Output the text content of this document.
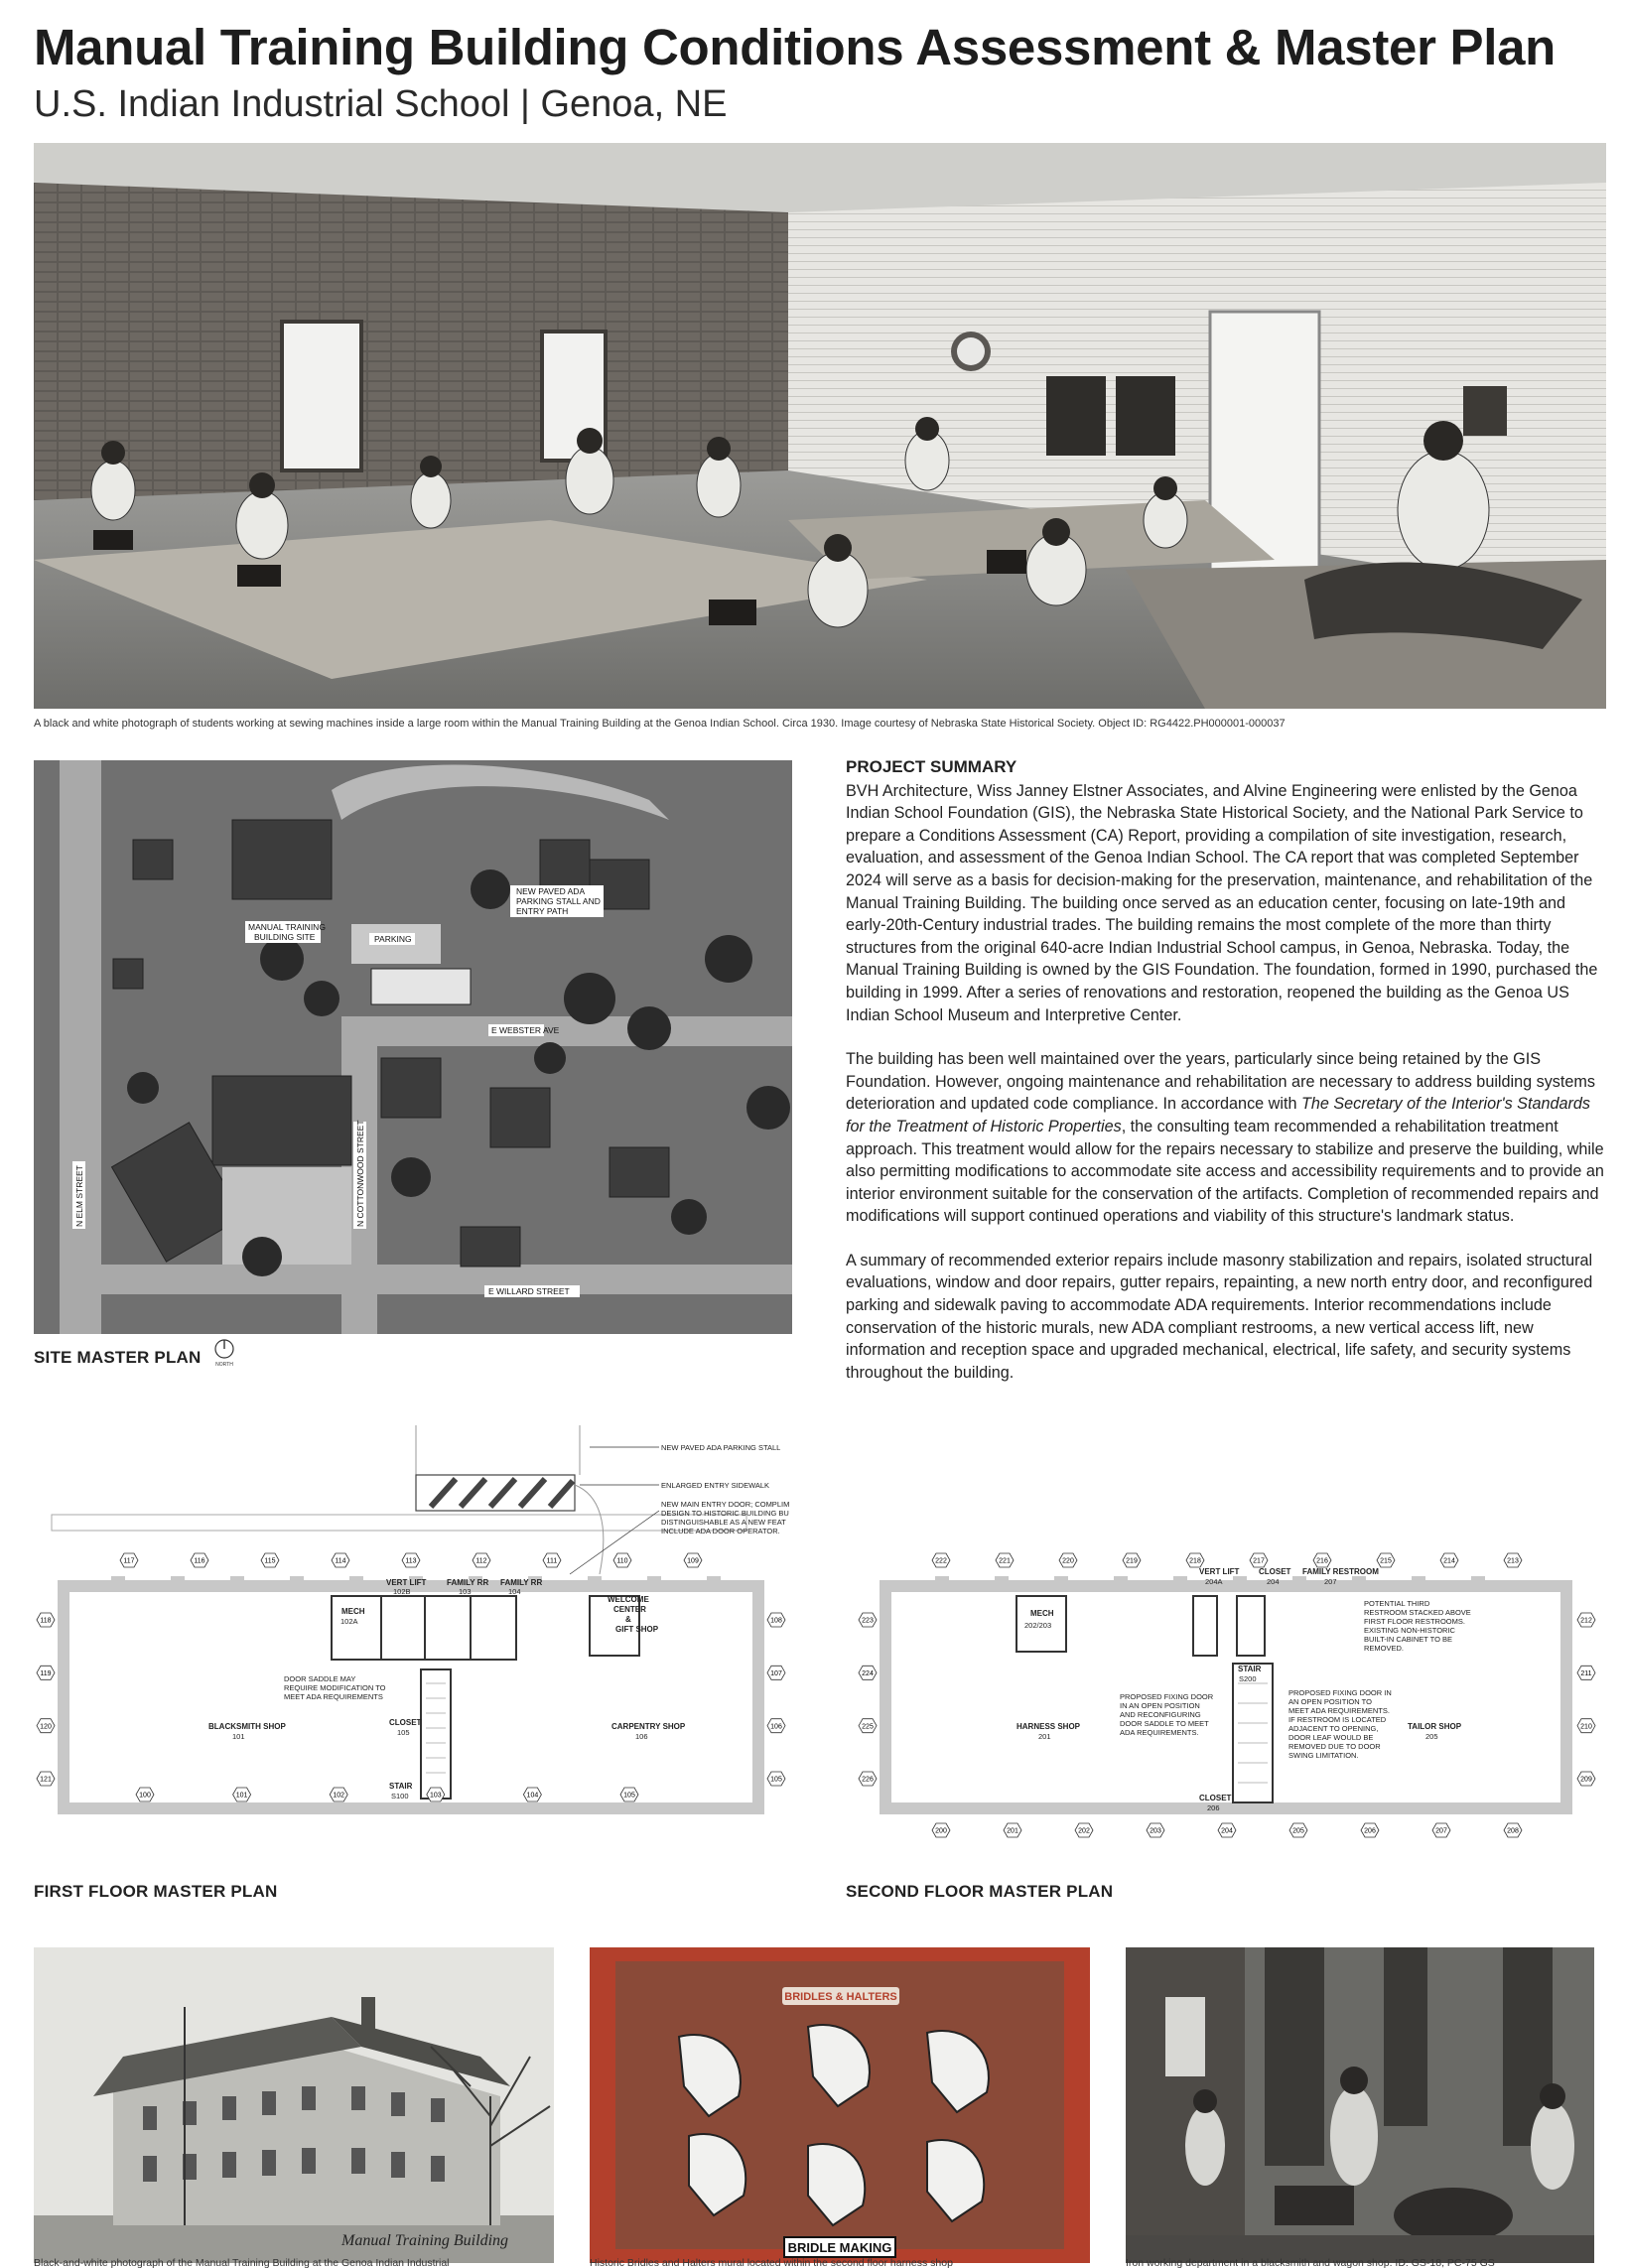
Manual Training Building Conditions Assessment & Master Plan
U.S. Indian Industrial School | Genoa, NE
A black and white photograph of students working at sewing machines inside a large room within the Manual Training Building at the Genoa Indian School. Circa 1930. Image courtesy of Nebraska State Historical Society. Object ID: RG4422.PH000001-000037
MANUAL TRAINING
BUILDING SITE	PARKING
NEW PAVED ADA
PARKING STALL AND
ENTRY PATH
E WEBSTER AVE
E WILLARD STREET
N ELM STREET	N COTTONWOOD STREET
SITE MASTER PLAN	NORTH
PROJECT SUMMARY

BVH Architecture, Wiss Janney Elstner Associates, and Alvine Engineering were enlisted by the Genoa Indian School Foundation (GIS), the Nebraska State Historical Society, and the National Park Service to prepare a Conditions Assessment (CA) Report, providing a compilation of site investigation, research, evaluation, and assessment of the Genoa Indian School. The CA report that was completed September 2024 will serve as a basis for decision-making for the preservation, maintenance, and rehabilitation of the Manual Training Building. The building once served as an education center, focusing on late-19th and early-20th-Century industrial trades. The building remains the most complete of the more than thirty structures from the original 640-acre Indian Industrial School campus, in Genoa, Nebraska. Today, the Manual Training Building is owned by the GIS Foundation. The foundation, formed in 1990, purchased the building in 1999. After a series of renovations and restoration, reopened the building as the Genoa US Indian School Museum and Interpretive Center.

The building has been well maintained over the years, particularly since being retained by the GIS Foundation. However, ongoing maintenance and rehabilitation are necessary to address building systems deterioration and updated code compliance. In accordance with The Secretary of the Interior's Standards for the Treatment of Historic Properties, the consulting team recommended a rehabilitation treatment approach. This treatment would allow for the repairs necessary to stabilize and preserve the building, while also permitting modifications to accommodate site access and accessibility requirements and to provide an interior environment suitable for the conservation of the artifacts. Completion of recommended repairs and modifications will support continued operations and viability of this structure's landmark status.

A summary of recommended exterior repairs include masonry stabilization and repairs, isolated structural evaluations, window and door repairs, gutter repairs, repainting, a new north entry door, and reconfigured parking and sidewalk paving to accommodate ADA requirements. Interior recommendations include conservation of the historic murals, new ADA compliant restrooms, a new vertical access lift, new information and reception space and upgraded mechanical, electrical, life safety, and security systems throughout the building.

NEW PAVED ADA PARKING STALL
ENLARGED ENTRY SIDEWALK
NEW MAIN ENTRY DOOR; COMPLIM
DESIGN TO HISTORIC BUILDING BU
DISTINGUISHABLE AS A NEW FEAT
INCLUDE ADA DOOR OPERATOR.
MECH
102A
VERT LIFT
102B
FAMILY RR
103
FAMILY RR
104
WELCOME
CENTER
&
GIFT SHOP
BLACKSMITH SHOP
101
CLOSET
105
CARPENTRY SHOP
106
STAIR
S100
DOOR SADDLE MAY
REQUIRE MODIFICATION TO
MEET ADA REQUIREMENTS
117	116	115	114	113	112	111	110	109
118
119
120
121
108
107
106
105
100	101	102	103	104	105
FIRST FLOOR MASTER PLAN
VERT LIFT
204A
CLOSET
204
FAMILY RESTROOM
207
MECH
202/203
HARNESS SHOP
201
STAIR
S200
TAILOR SHOP
205
CLOSET
206
POTENTIAL THIRD
RESTROOM STACKED ABOVE
FIRST FLOOR RESTROOMS.
EXISTING NON-HISTORIC
BUILT-IN CABINET TO BE
REMOVED.
PROPOSED FIXING DOOR
IN AN OPEN POSITION
AND RECONFIGURING
DOOR SADDLE TO MEET
ADA REQUIREMENTS.
PROPOSED FIXING DOOR IN
AN OPEN POSITION TO
MEET ADA REQUIREMENTS.
IF RESTROOM IS LOCATED
ADJACENT TO OPENING,
DOOR LEAF WOULD BE
REMOVED DUE TO DOOR
SWING LIMITATION.
222	221	220	219	218	217	216	215	214	213
223
224
225
226
212
211
210
209
200	201	202	203	204	205	206	207	208
SECOND FLOOR MASTER PLAN
Manual Training Building
Black-and-white photograph of the Manual Training Building at the Genoa Indian Industrial
BRIDLES & HALTERS
BRIDLE MAKING
Historic Bridles and Halters mural located within the second floor harness shop	Iron working department in a blacksmith and wagon shop. ID: GS-18, PC-75 GS
